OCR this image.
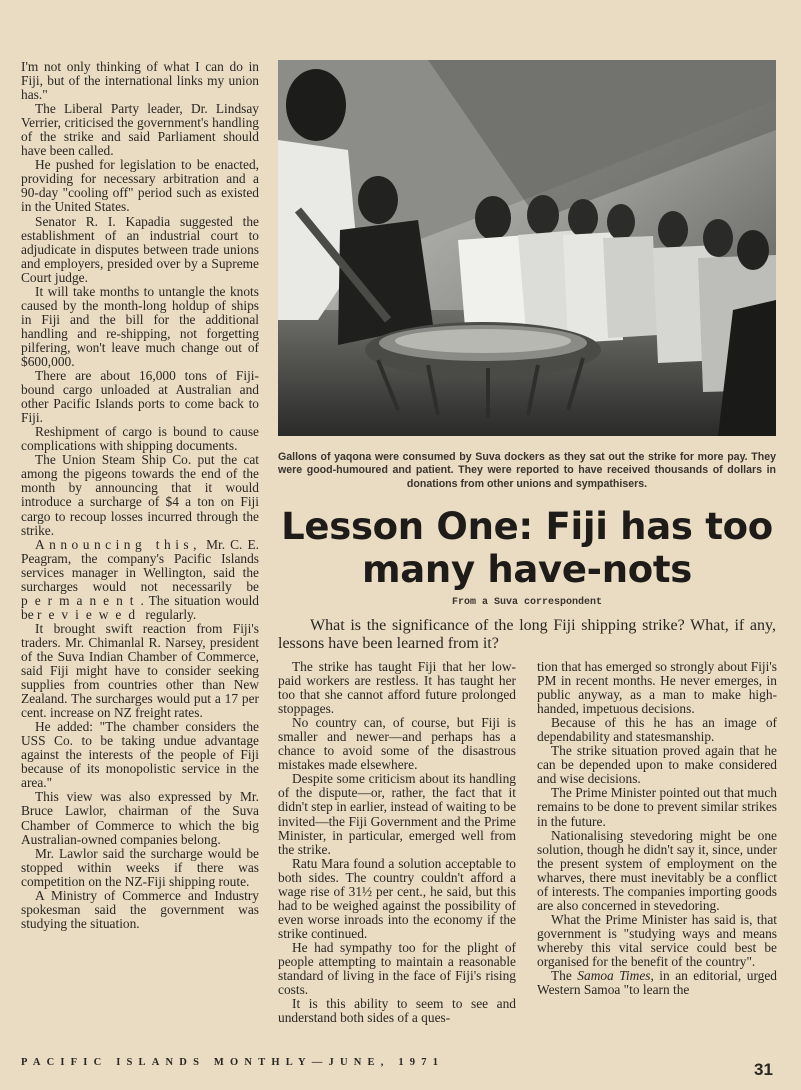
I'm not only thinking of what I can do in Fiji, but of the international links my union has."

The Liberal Party leader, Dr. Lindsay Verrier, criticised the government's handling of the strike and said Parliament should have been called.

He pushed for legislation to be enacted, providing for necessary arbitration and a 90-day "cooling off" period such as existed in the United States.

Senator R. I. Kapadia suggested the establishment of an industrial court to adjudicate in disputes between trade unions and employers, presided over by a Supreme Court judge.

It will take months to untangle the knots caused by the month-long holdup of ships in Fiji and the bill for the additional handling and re-shipping, not forgetting pilfering, won't leave much change out of $600,000.

There are about 16,000 tons of Fiji-bound cargo unloaded at Australian and other Pacific Islands ports to come back to Fiji.

Reshipment of cargo is bound to cause complications with shipping documents.

The Union Steam Ship Co. put the cat among the pigeons towards the end of the month by announcing that it would introduce a surcharge of $4 a ton on Fiji cargo to recoup losses incurred through the strike.

Announcing this, Mr. C. E. Peagram, the company's Pacific Islands services manager in Wellington, said the surcharges would not necessarily be permanent. The situation would be reviewed regularly.

It brought swift reaction from Fiji's traders. Mr. Chimanlal R. Narsey, president of the Suva Indian Chamber of Commerce, said Fiji might have to consider seeking supplies from countries other than New Zealand. The surcharges would put a 17 per cent. increase on NZ freight rates.

He added: "The chamber considers the USS Co. to be taking undue advantage against the interests of the people of Fiji because of its monopolistic service in the area."

This view was also expressed by Mr. Bruce Lawlor, chairman of the Suva Chamber of Commerce to which the big Australian-owned companies belong.

Mr. Lawlor said the surcharge would be stopped within weeks if there was competition on the NZ-Fiji shipping route.

A Ministry of Commerce and Industry spokesman said the government was studying the situation.

Gallons of yaqona were consumed by Suva dockers as they sat out the strike for more pay. They were good-humoured and patient. They were reported to have received thousands of dollars in donations from other unions and sympathisers.
Lesson One: Fiji has too
many have-nots
From a Suva correspondent
What is the significance of the long Fiji shipping strike? What, if any, lessons have been learned from it?

The strike has taught Fiji that her low-paid workers are restless. It has taught her too that she cannot afford future prolonged stoppages.

No country can, of course, but Fiji is smaller and newer—and perhaps has a chance to avoid some of the disastrous mistakes made elsewhere.

Despite some criticism about its handling of the dispute—or, rather, the fact that it didn't step in earlier, instead of waiting to be invited—the Fiji Government and the Prime Minister, in particular, emerged well from the strike.

Ratu Mara found a solution acceptable to both sides. The country couldn't afford a wage rise of 31½ per cent., he said, but this had to be weighed against the possibility of even worse inroads into the economy if the strike continued.

He had sympathy too for the plight of people attempting to maintain a reasonable standard of living in the face of Fiji's rising costs.

It is this ability to seem to see and understand both sides of a ques-

tion that has emerged so strongly about Fiji's PM in recent months. He never emerges, in public anyway, as a man to make high-handed, impetuous decisions.

Because of this he has an image of dependability and statesmanship.

The strike situation proved again that he can be depended upon to make considered and wise decisions.

The Prime Minister pointed out that much remains to be done to prevent similar strikes in the future.

Nationalising stevedoring might be one solution, though he didn't say it, since, under the present system of employment on the wharves, there must inevitably be a conflict of interests. The companies importing goods are also concerned in stevedoring.

What the Prime Minister has said is, that government is "studying ways and means whereby this vital service could best be organised for the benefit of the country".

The Samoa Times, in an editorial, urged Western Samoa "to learn the

PACIFIC ISLANDS MONTHLY—JUNE, 1971	31
